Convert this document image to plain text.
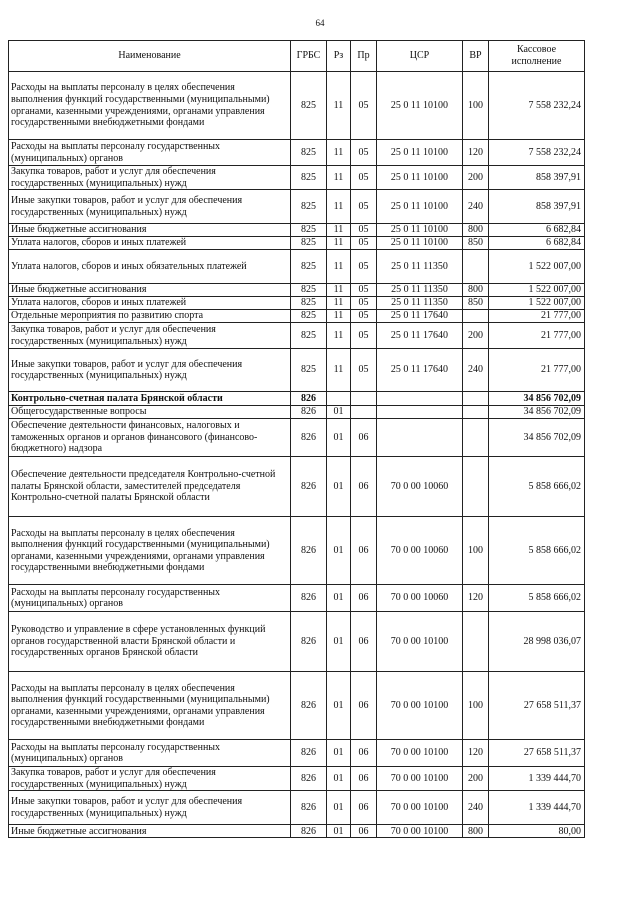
64
Наименование	ГРБС	Рз	Пр	ЦСР	ВР	Кассовое исполнение
Расходы на выплаты персоналу в целях обеспечения выполнения функций государственными (муниципальными) органами, казенными учреждениями, органами управления государственными внебюджетными фондами	825	11	05	25 0 11 10100	100	7 558 232,24
Расходы на выплаты персоналу государственных (муниципальных) органов	825	11	05	25 0 11 10100	120	7 558 232,24
Закупка товаров, работ и услуг для обеспечения государственных (муниципальных) нужд	825	11	05	25 0 11 10100	200	858 397,91
Иные закупки товаров, работ и услуг для обеспечения государственных (муниципальных) нужд	825	11	05	25 0 11 10100	240	858 397,91
Иные бюджетные ассигнования	825	11	05	25 0 11 10100	800	6 682,84
Уплата налогов, сборов и иных платежей	825	11	05	25 0 11 10100	850	6 682,84
Уплата налогов, сборов и иных обязательных платежей	825	11	05	25 0 11 11350		1 522 007,00
Иные бюджетные ассигнования	825	11	05	25 0 11 11350	800	1 522 007,00
Уплата налогов, сборов и иных платежей	825	11	05	25 0 11 11350	850	1 522 007,00
Отдельные мероприятия по развитию спорта	825	11	05	25 0 11 17640		21 777,00
Закупка товаров, работ и услуг для обеспечения государственных (муниципальных) нужд	825	11	05	25 0 11 17640	200	21 777,00
Иные закупки товаров, работ и услуг для обеспечения государственных (муниципальных) нужд	825	11	05	25 0 11 17640	240	21 777,00
Контрольно-счетная палата Брянской области	826					34 856 702,09
Общегосударственные вопросы	826	01				34 856 702,09
Обеспечение деятельности финансовых, налоговых и таможенных органов и органов финансового (финансово-бюджетного) надзора	826	01	06			34 856 702,09
Обеспечение деятельности председателя Контрольно-счетной палаты Брянской области, заместителей председателя Контрольно-счетной палаты Брянской области	826	01	06	70 0 00 10060		5 858 666,02
Расходы на выплаты персоналу в целях обеспечения выполнения функций государственными (муниципальными) органами, казенными учреждениями, органами управления государственными внебюджетными фондами	826	01	06	70 0 00 10060	100	5 858 666,02
Расходы на выплаты персоналу государственных (муниципальных) органов	826	01	06	70 0 00 10060	120	5 858 666,02
Руководство и управление в сфере установленных функций органов государственной власти Брянской области и государственных органов Брянской области	826	01	06	70 0 00 10100		28 998 036,07
Расходы на выплаты персоналу в целях обеспечения выполнения функций государственными (муниципальными) органами, казенными учреждениями, органами управления государственными внебюджетными фондами	826	01	06	70 0 00 10100	100	27 658 511,37
Расходы на выплаты персоналу государственных (муниципальных) органов	826	01	06	70 0 00 10100	120	27 658 511,37
Закупка товаров, работ и услуг для обеспечения государственных (муниципальных) нужд	826	01	06	70 0 00 10100	200	1 339 444,70
Иные закупки товаров, работ и услуг для обеспечения государственных (муниципальных) нужд	826	01	06	70 0 00 10100	240	1 339 444,70
Иные бюджетные ассигнования	826	01	06	70 0 00 10100	800	80,00
